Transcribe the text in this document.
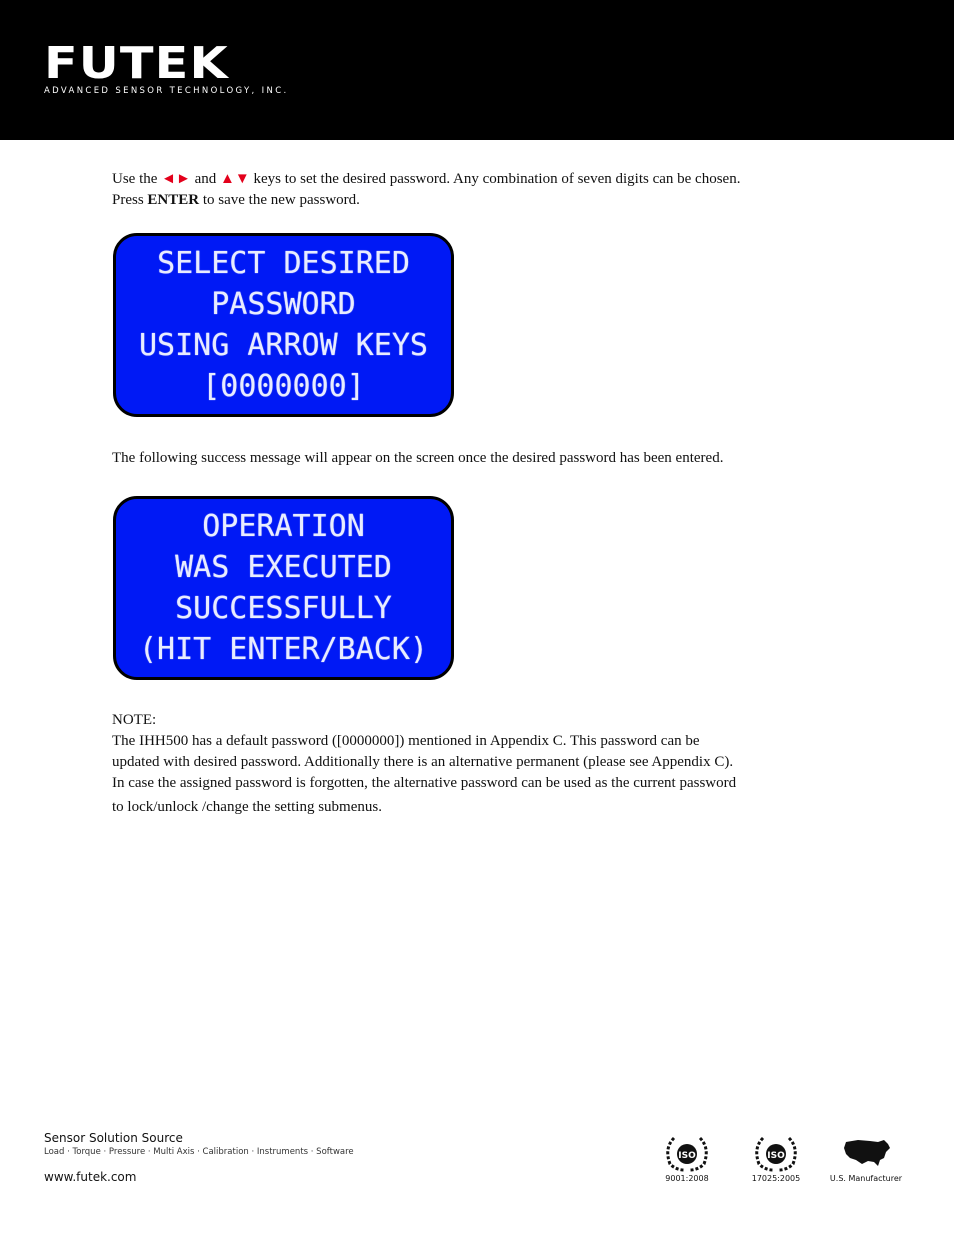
FUTEK
ADVANCED SENSOR TECHNOLOGY, INC.
Use the ◄► and ▲▼ keys to set the desired password. Any combination of seven digits can be chosen.
Press ENTER to save the new password.
SELECT DESIRED
PASSWORD
USING ARROW KEYS
[0000000]
The following success message will appear on the screen once the desired password has been entered.
OPERATION
WAS EXECUTED
SUCCESSFULLY
(HIT ENTER/BACK)
NOTE:
The IHH500 has a default password ([0000000]) mentioned in Appendix C. This password can be
updated with desired password. Additionally there is an alternative permanent (please see Appendix C).
In case the assigned password is forgotten, the alternative password can be used as the current password
to lock/unlock /change the setting submenus.
Sensor Solution Source
Load · Torque · Pressure · Multi Axis · Calibration · Instruments · Software
www.futek.com
ISO
9001:2008
ISO
17025:2005	U.S. Manufacturer
